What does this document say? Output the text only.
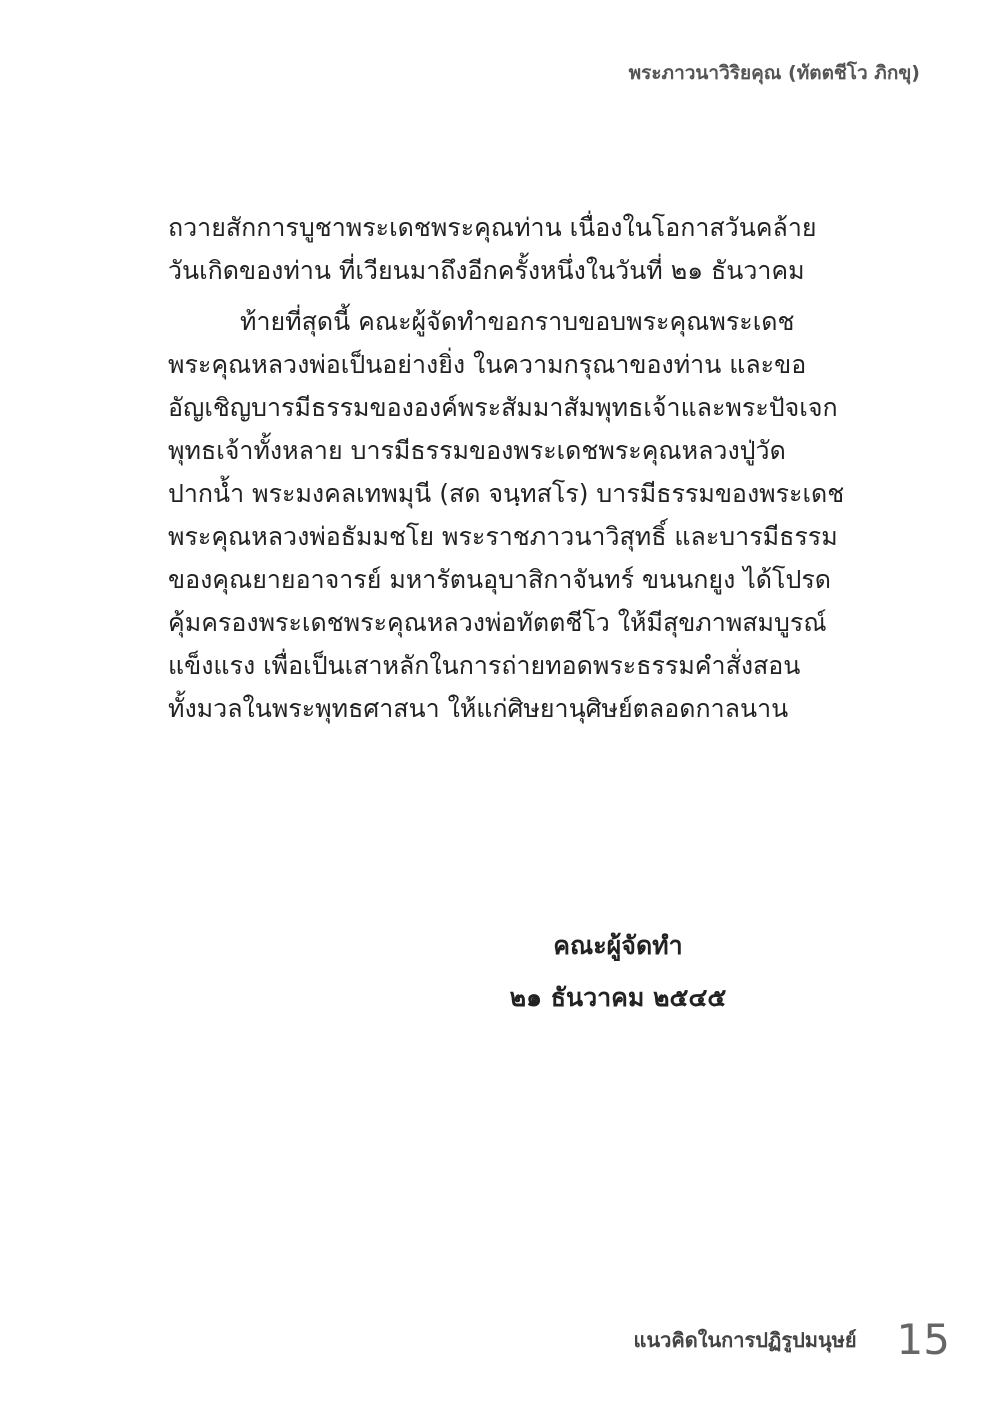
พระภาวนาวิริยคุณ (ทัตตชีโว ภิกขุ)
ถวายสักการบูชาพระเดชพระคุณท่าน เนื่องในโอกาสวันคล้าย
วันเกิดของท่าน ที่เวียนมาถึงอีกครั้งหนึ่งในวันที่ ๒๑ ธันวาคม
ท้ายที่สุดนี้ คณะผู้จัดทำขอกราบขอบพระคุณพระเดช
พระคุณหลวงพ่อเป็นอย่างยิ่ง ในความกรุณาของท่าน และขอ
อัญเชิญบารมีธรรมขององค์พระสัมมาสัมพุทธเจ้าและพระปัจเจก
พุทธเจ้าทั้งหลาย บารมีธรรมของพระเดชพระคุณหลวงปู่วัด
ปากน้ำ พระมงคลเทพมุนี (สด จนฺทสโร) บารมีธรรมของพระเดช
พระคุณหลวงพ่อธัมมชโย พระราชภาวนาวิสุทธิ์ และบารมีธรรม
ของคุณยายอาจารย์ มหารัตนอุบาสิกาจันทร์ ขนนกยูง ได้โปรด
คุ้มครองพระเดชพระคุณหลวงพ่อทัตตชีโว ให้มีสุขภาพสมบูรณ์
แข็งแรง เพื่อเป็นเสาหลักในการถ่ายทอดพระธรรมคำสั่งสอน
ทั้งมวลในพระพุทธศาสนา ให้แก่ศิษยานุศิษย์ตลอดกาลนาน
คณะผู้จัดทำ
๒๑ ธันวาคม ๒๕๔๕
แนวคิดในการปฏิรูปมนุษย์ 15
